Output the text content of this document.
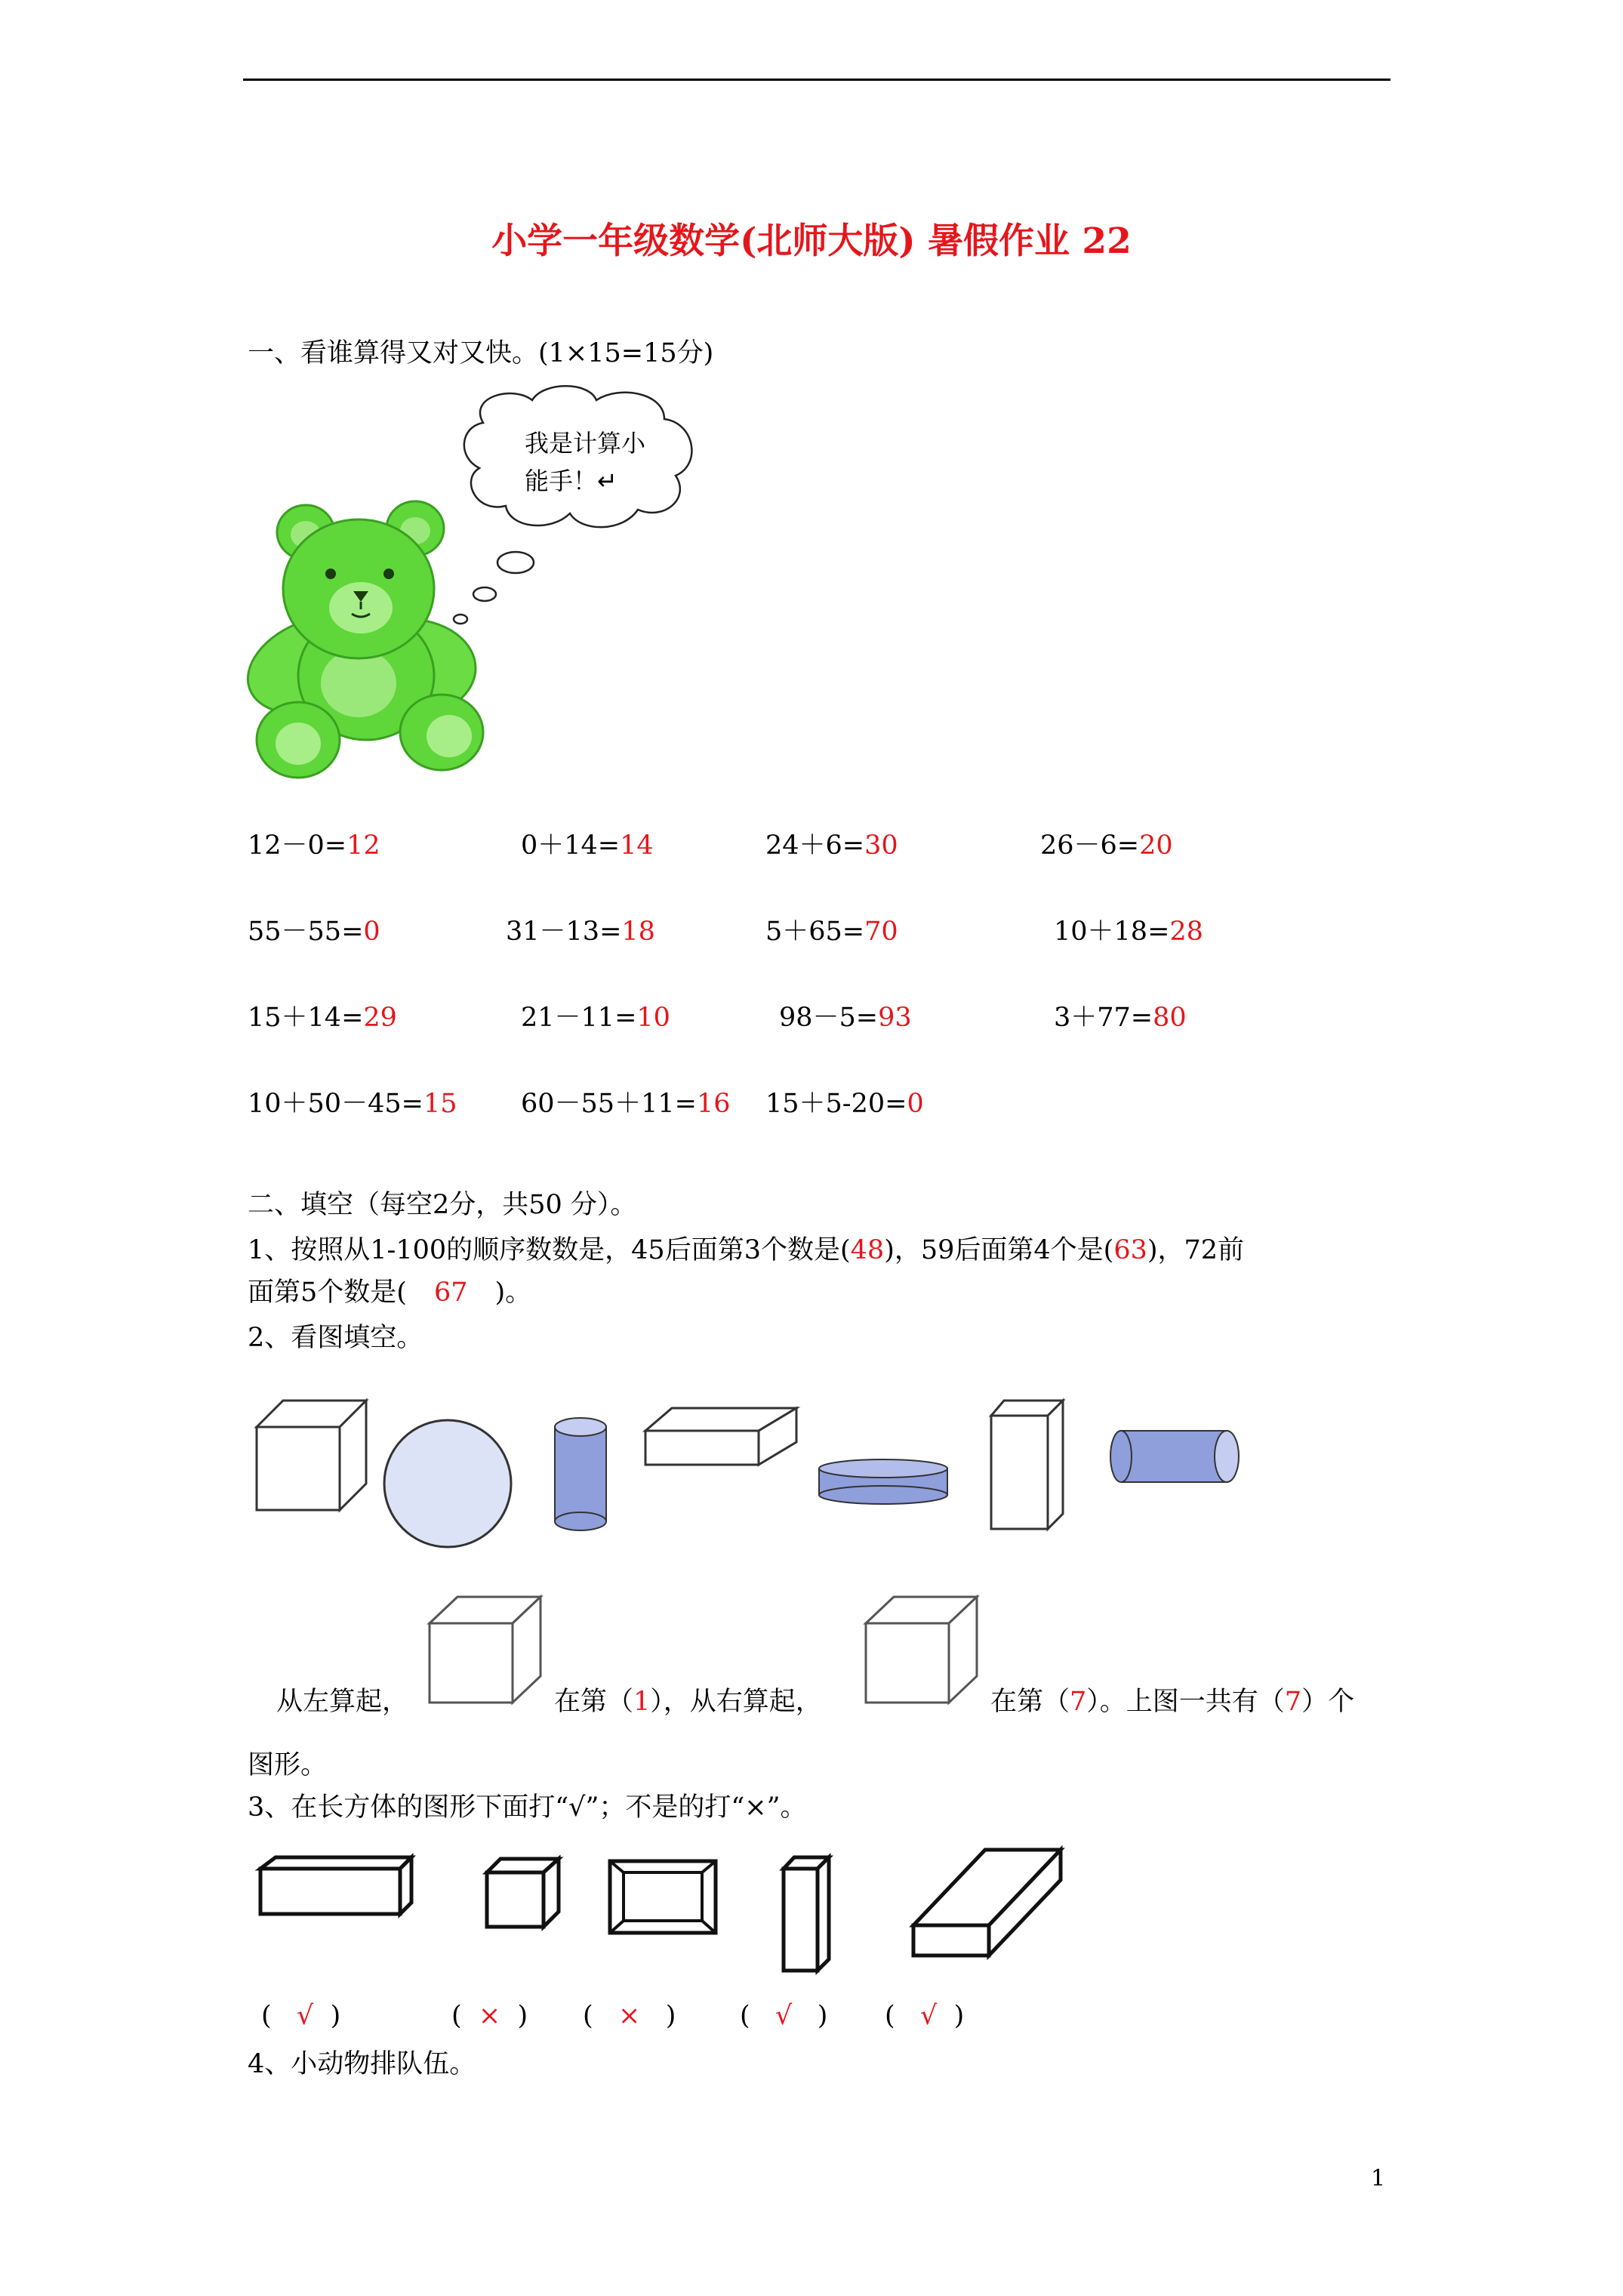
小学一年级数学(北师大版) 暑假作业 22
一、看谁算得又对又快。(1×15=15分)
我是计算小
能手！↵
12－0=12	0＋14=14	24＋6=30	26－6=20
55－55=0	31－13=18	5＋65=70	10＋18=28
15＋14=29	21－11=10	98－5=93	3＋77=80
10＋50－45=15 60－55＋11=16 15＋5-20=0
二、填空（每空2分，共50 分）。
1、按照从1-100的顺序数数是，45后面第3个数是(48)，59后面第4个是(63)，72前
面第5个数是( 67 )。
2、看图填空。
从左算起，	在第（1），从右算起，	在第（7）。上图一共有（7）个
图形。
3、在长方体的图形下面打“√”；不是的打“×”。
(   √  )	(  ×  ) (   ×   ) (   √   ) (   √  )
4、小动物排队伍。
1
